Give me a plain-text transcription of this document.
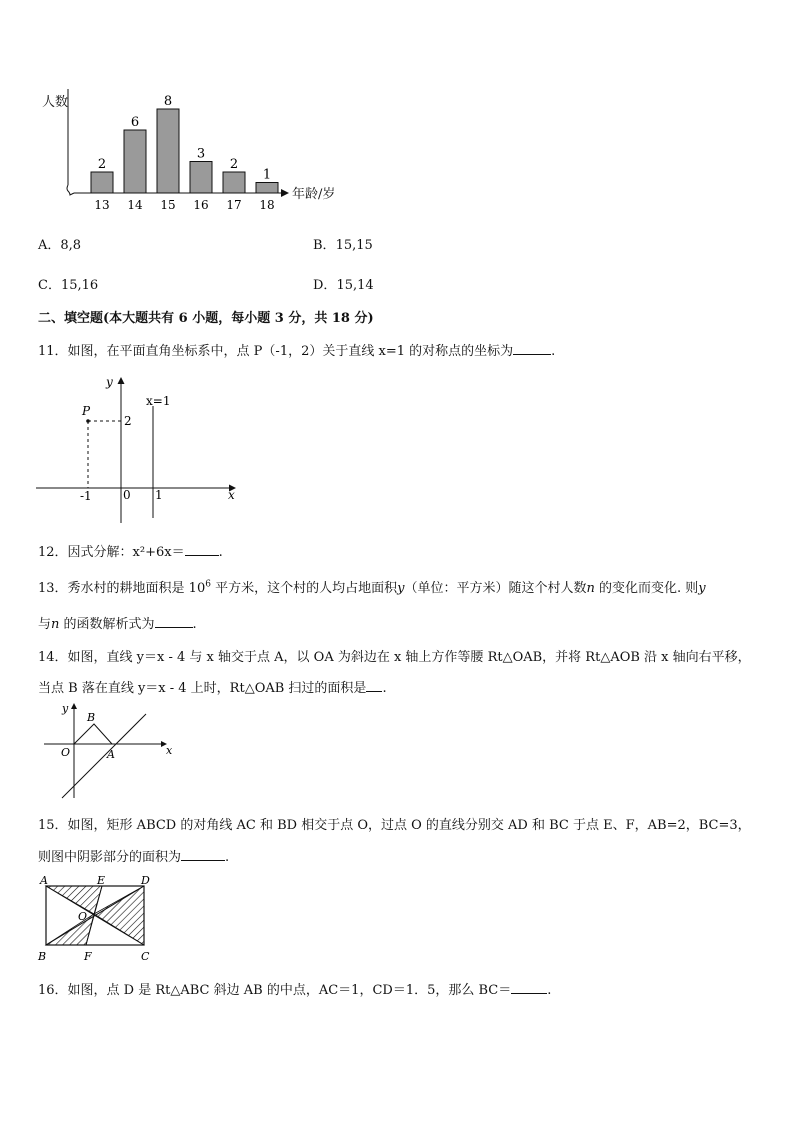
人数
年龄/岁
2
13
6
14
8
15
3
16
2
17
1
18
A．8,8	B．15,15
C．15,16	D．15,14
二、填空题(本大题共有 6 小题，每小题 3 分，共 18 分)
11．如图，在平面直角坐标系中，点 P（-1，2）关于直线 x=1 的对称点的坐标为	.
y
x
P
x=1
2
-1	0 1
12．因式分解：x²+6x＝	.
13．秀水村的耕地面积是 $10^6$ 平方米，这个村的人均占地面积y（单位：平方米）随这个村人数n 的变化而变化. 则y
与n 的函数解析式为	.
14．如图，直线 y＝x - 4 与 x 轴交于点 A，以 OA 为斜边在 x 轴上方作等腰 Rt△OAB，并将 Rt△AOB 沿 x 轴向右平移，
当点 B 落在直线 y＝x - 4 上时，Rt△OAB 扫过的面积是 .
y
x
O	A
B
15．如图，矩形 ABCD 的对角线 AC 和 BD 相交于点 O，过点 O 的直线分别交 AD 和 BC 于点 E、F，AB=2，BC=3，
则图中阴影部分的面积为	.
A	E	D
O
B	F	C
16．如图，点 D 是 Rt△ABC 斜边 AB 的中点，AC＝1，CD＝1．5，那么 BC＝	.
